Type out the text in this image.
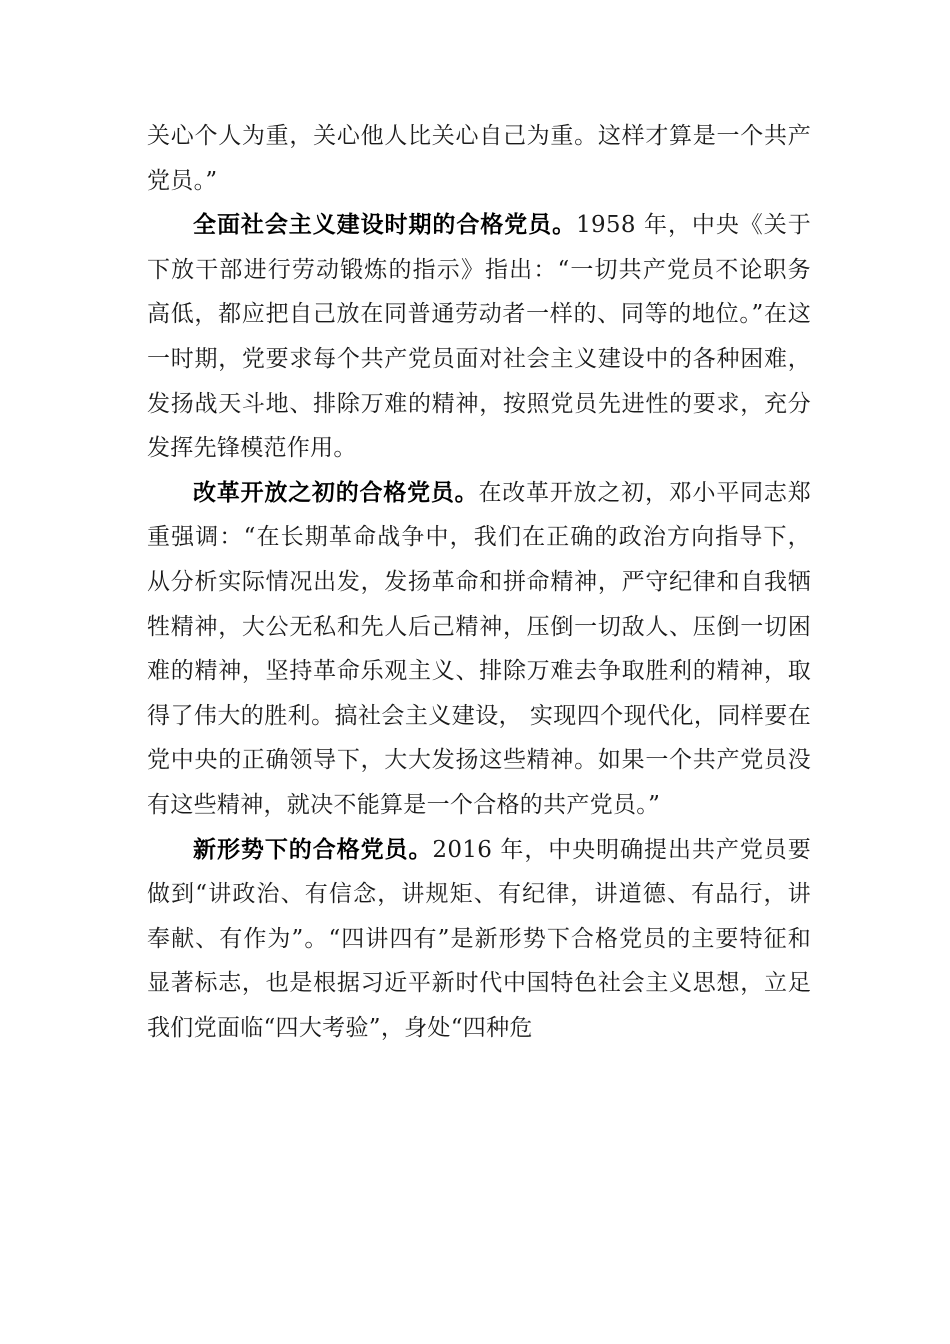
关心个人为重，关心他人比关心自己为重。这样才算是一个共产党员。”

全面社会主义建设时期的合格党员。1958 年，中央《关于下放干部进行劳动锻炼的指示》指出：“一切共产党员不论职务高低，都应把自己放在同普通劳动者一样的、同等的地位。”在这一时期，党要求每个共产党员面对社会主义建设中的各种困难，发扬战天斗地、排除万难的精神，按照党员先进性的要求，充分发挥先锋模范作用。

改革开放之初的合格党员。在改革开放之初，邓小平同志郑重强调：“在长期革命战争中，我们在正确的政治方向指导下，从分析实际情况出发，发扬革命和拼命精神，严守纪律和自我牺牲精神，大公无私和先人后己精神，压倒一切敌人、压倒一切困难的精神，坚持革命乐观主义、排除万难去争取胜利的精神，取得了伟大的胜利。搞社会主义建设， 实现四个现代化，同样要在党中央的正确领导下，大大发扬这些精神。如果一个共产党员没有这些精神，就决不能算是一个合格的共产党员。”

新形势下的合格党员。2016 年，中央明确提出共产党员要做到“讲政治、有信念，讲规矩、有纪律，讲道德、有品行，讲奉献、有作为”。“四讲四有”是新形势下合格党员的主要特征和显著标志，也是根据习近平新时代中国特色社会主义思想，立足我们党面临“四大考验”，身处“四种危
